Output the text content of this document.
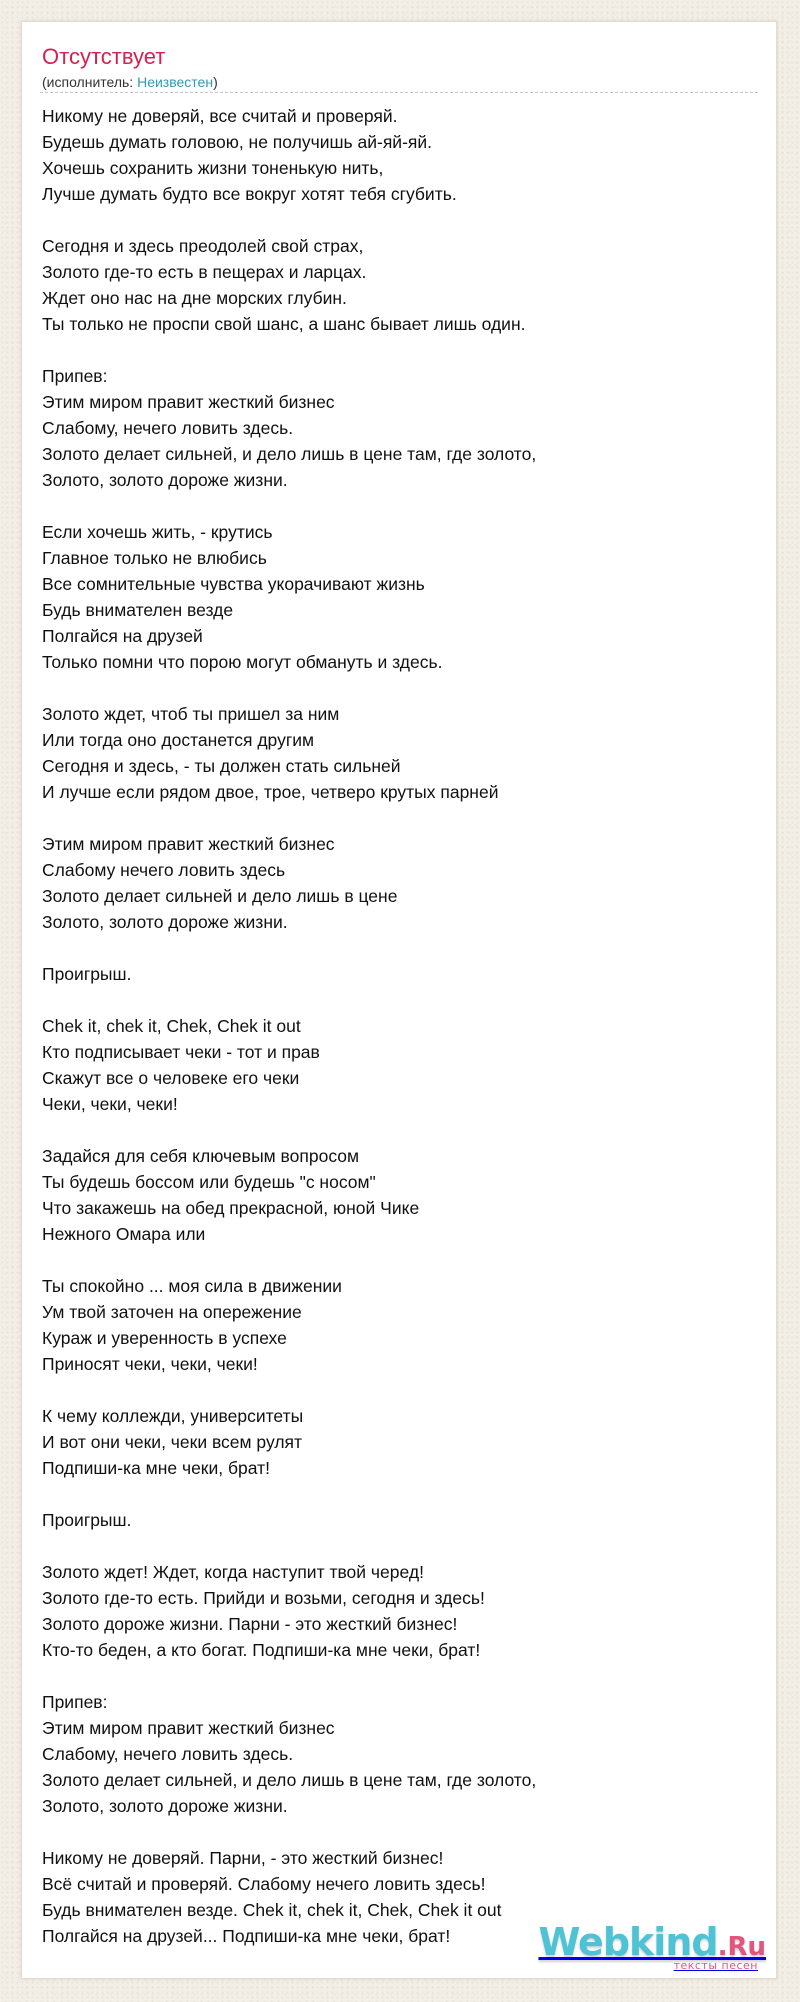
Отсутствует
(исполнитель: Неизвестен)
Никому не доверяй, все считай и проверяй.
Будешь думать головою, не получишь ай-яй-яй.
Хочешь сохранить жизни тоненькую нить,
Лучше думать будто все вокруг хотят тебя сгубить.

Сегодня и здесь преодолей свой страх,
Золото где-то есть в пещерах и ларцах.
Ждет оно нас на дне морских глубин.
Ты только не проспи свой шанс, а шанс бывает лишь один.

Припев:
Этим миром правит жесткий бизнес
Слабому, нечего ловить здесь.
Золото делает сильней, и дело лишь в цене там, где золото,
Золото, золото дороже жизни.

Если хочешь жить, - крутись
Главное только не влюбись
Все сомнительные чувства укорачивают жизнь
Будь внимателен везде
Полгайся на друзей
Только помни что порою могут обмануть и здесь.

Золото ждет, чтоб ты пришел за ним
Или тогда оно достанется другим
Сегодня и здесь, - ты должен стать сильней
И лучше если рядом двое, трое, четверо крутых парней

Этим миром правит жесткий бизнес
Слабому нечего ловить здесь
Золото делает сильней и дело лишь в цене
Золото, золото дороже жизни.

Проигрыш.

Chek it, chek it, Chek, Chek it out
Кто подписывает чеки - тот и прав
Скажут все о человеке его чеки
Чеки, чеки, чеки!

Задайся для себя ключевым вопросом
Ты будешь боссом или будешь "с носом"
Что закажешь на обед прекрасной, юной Чике
Нежного Омара или

Ты спокойно ... моя сила в движении
Ум твой заточен на опережение
Кураж и уверенность в успехе
Приносят чеки, чеки, чеки!

К чему коллежди, университеты
И вот они чеки, чеки всем рулят
Подпиши-ка мне чеки, брат!

Проигрыш.

Золото ждет! Ждет, когда наступит твой черед!
Золото где-то есть. Прийди и возьми, сегодня и здесь!
Золото дороже жизни. Парни - это жесткий бизнес!
Кто-то беден, а кто богат. Подпиши-ка мне чеки, брат!

Припев:
Этим миром правит жесткий бизнес
Слабому, нечего ловить здесь.
Золото делает сильней, и дело лишь в цене там, где золото,
Золото, золото дороже жизни.

Никому не доверяй. Парни, - это жесткий бизнес!
Всё считай и проверяй. Слабому нечего ловить здесь!
Будь внимателен везде. Chek it, chek it, Chek, Chek it out
Полгайся на друзей... Подпиши-ка мне чеки, брат!	Webkind.Ru
тексты песен
